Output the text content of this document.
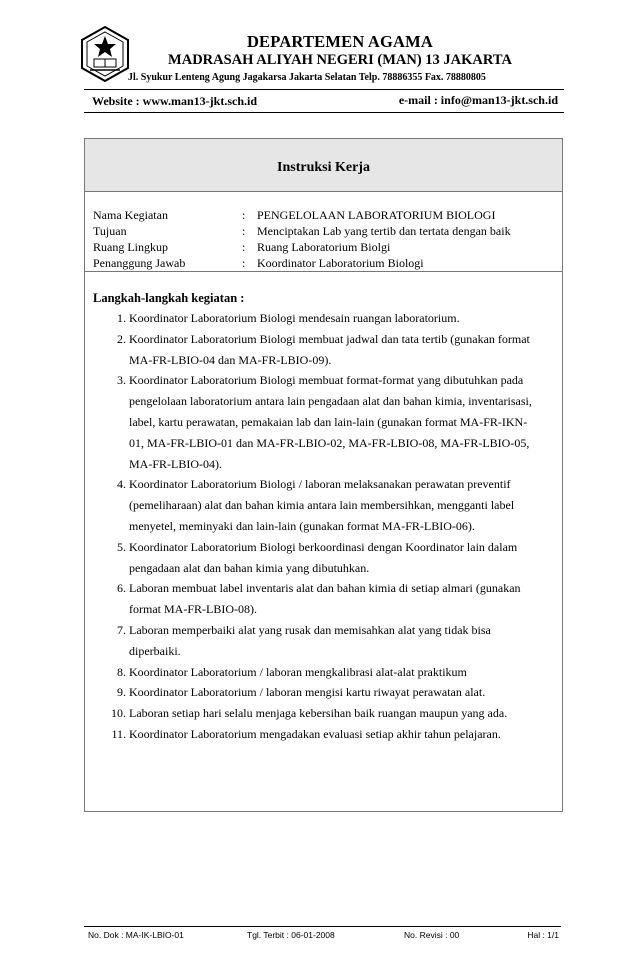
DEPARTEMEN AGAMA
MADRASAH ALIYAH NEGERI (MAN) 13 JAKARTA
Jl. Syukur Lenteng Agung Jagakarsa Jakarta Selatan Telp. 78886355 Fax. 78880805
Website : www.man13-jkt.sch.id	e-mail : info@man13-jkt.sch.id
Instruksi Kerja
Nama Kegiatan	: PENGELOLAAN LABORATORIUM BIOLOGI
Tujuan	: Menciptakan Lab yang tertib dan tertata dengan baik
Ruang Lingkup	: Ruang Laboratorium Biolgi
Penanggung Jawab	: Koordinator Laboratorium Biologi
Langkah-langkah kegiatan :
1. Koordinator Laboratorium Biologi mendesain ruangan laboratorium.
2. Koordinator Laboratorium Biologi membuat jadwal dan tata tertib (gunakan format
MA-FR-LBIO-04 dan MA-FR-LBIO-09).
3. Koordinator Laboratorium Biologi membuat format-format yang dibutuhkan pada
pengelolaan laboratorium antara lain pengadaan alat dan bahan kimia, inventarisasi,
label, kartu perawatan, pemakaian lab dan lain-lain (gunakan format MA-FR-IKN-
01, MA-FR-LBIO-01 dan MA-FR-LBIO-02, MA-FR-LBIO-08, MA-FR-LBIO-05,
MA-FR-LBIO-04).
4. Koordinator Laboratorium Biologi / laboran melaksanakan perawatan preventif
(pemeliharaan) alat dan bahan kimia antara lain membersihkan, mengganti label
menyetel, meminyaki dan lain-lain (gunakan format MA-FR-LBIO-06).
5. Koordinator Laboratorium Biologi berkoordinasi dengan Koordinator lain dalam
pengadaan alat dan bahan kimia yang dibutuhkan.
6. Laboran membuat label inventaris alat dan bahan kimia di setiap almari (gunakan
format MA-FR-LBIO-08).
7. Laboran memperbaiki alat yang rusak dan memisahkan alat yang tidak bisa
diperbaiki.
8. Koordinator Laboratorium / laboran mengkalibrasi alat-alat praktikum
9. Koordinator Laboratorium / laboran mengisi kartu riwayat perawatan alat.
10. Laboran setiap hari selalu menjaga kebersihan baik ruangan maupun yang ada.
11. Koordinator Laboratorium mengadakan evaluasi setiap akhir tahun pelajaran.
No. Dok : MA-IK-LBIO-01	Tgl. Terbit : 06-01-2008	No. Revisi : 00	Hal : 1/1
